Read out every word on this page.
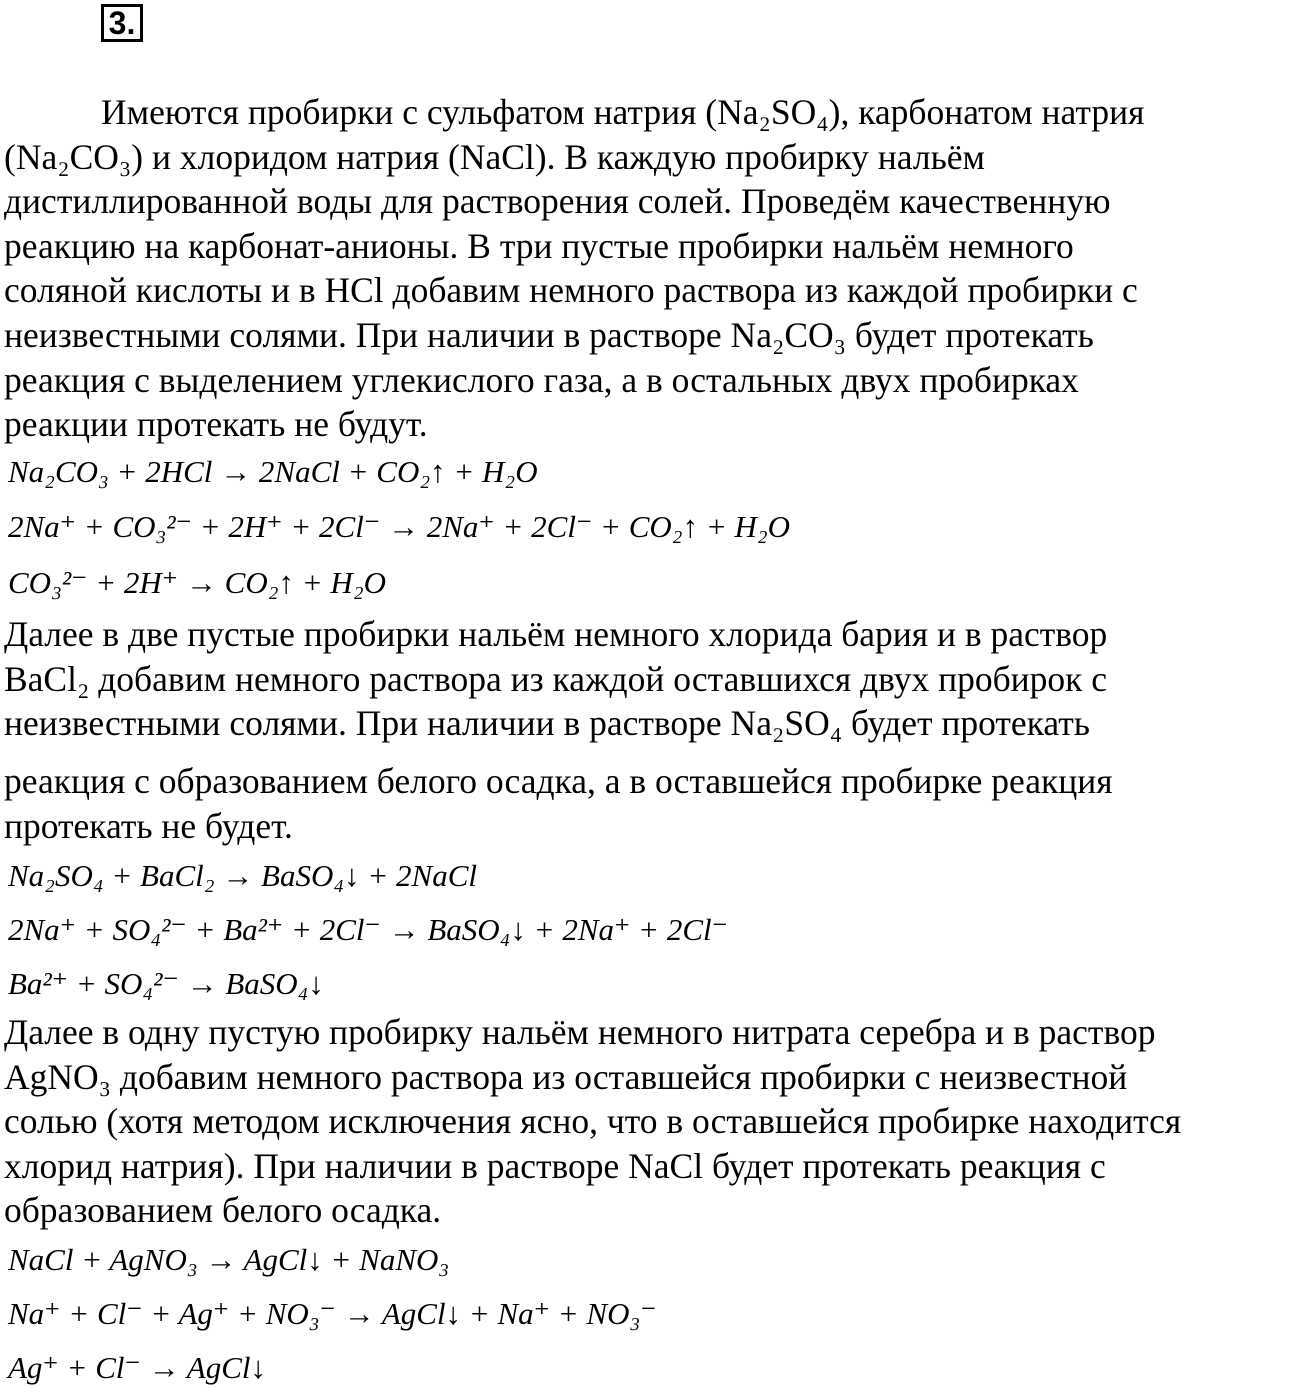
3.
Имеются пробирки с сульфатом натрия (Na₂SO₄), карбонатом натрия
(Na₂CO₃) и хлоридом натрия (NaCl). В каждую пробирку нальём
дистиллированной воды для растворения солей. Проведём качественную
реакцию на карбонат-анионы. В три пустые пробирки нальём немного
соляной кислоты и в HCl добавим немного раствора из каждой пробирки с
неизвестными солями. При наличии в растворе Na₂CO₃ будет протекать
реакция с выделением углекислого газа, а в остальных двух пробирках
реакции протекать не будут.
Na₂CO₃ + 2HCl → 2NaCl + CO₂↑ + H₂O
2Na⁺ + CO₃²⁻ + 2H⁺ + 2Cl⁻ → 2Na⁺ + 2Cl⁻ + CO₂↑ + H₂O
CO₃²⁻ + 2H⁺ → CO₂↑ + H₂O
Далее в две пустые пробирки нальём немного хлорида бария и в раствор
BaCl₂ добавим немного раствора из каждой оставшихся двух пробирок с
неизвестными солями. При наличии в растворе Na₂SO₄ будет протекать
реакция с образованием белого осадка, а в оставшейся пробирке реакция
протекать не будет.
Na₂SO₄ + BaCl₂ → BaSO₄↓ + 2NaCl
2Na⁺ + SO₄²⁻ + Ba²⁺ + 2Cl⁻ → BaSO₄↓ + 2Na⁺ + 2Cl⁻
Ba²⁺ + SO₄²⁻ → BaSO₄↓
Далее в одну пустую пробирку нальём немного нитрата серебра и в раствор
AgNO₃ добавим немного раствора из оставшейся пробирки с неизвестной
солью (хотя методом исключения ясно, что в оставшейся пробирке находится
хлорид натрия). При наличии в растворе NaCl будет протекать реакция с
образованием белого осадка.
NaCl + AgNO₃ → AgCl↓ + NaNO₃
Na⁺ + Cl⁻ + Ag⁺ + NO₃⁻ → AgCl↓ + Na⁺ + NO₃⁻
Ag⁺ + Cl⁻ → AgCl↓
